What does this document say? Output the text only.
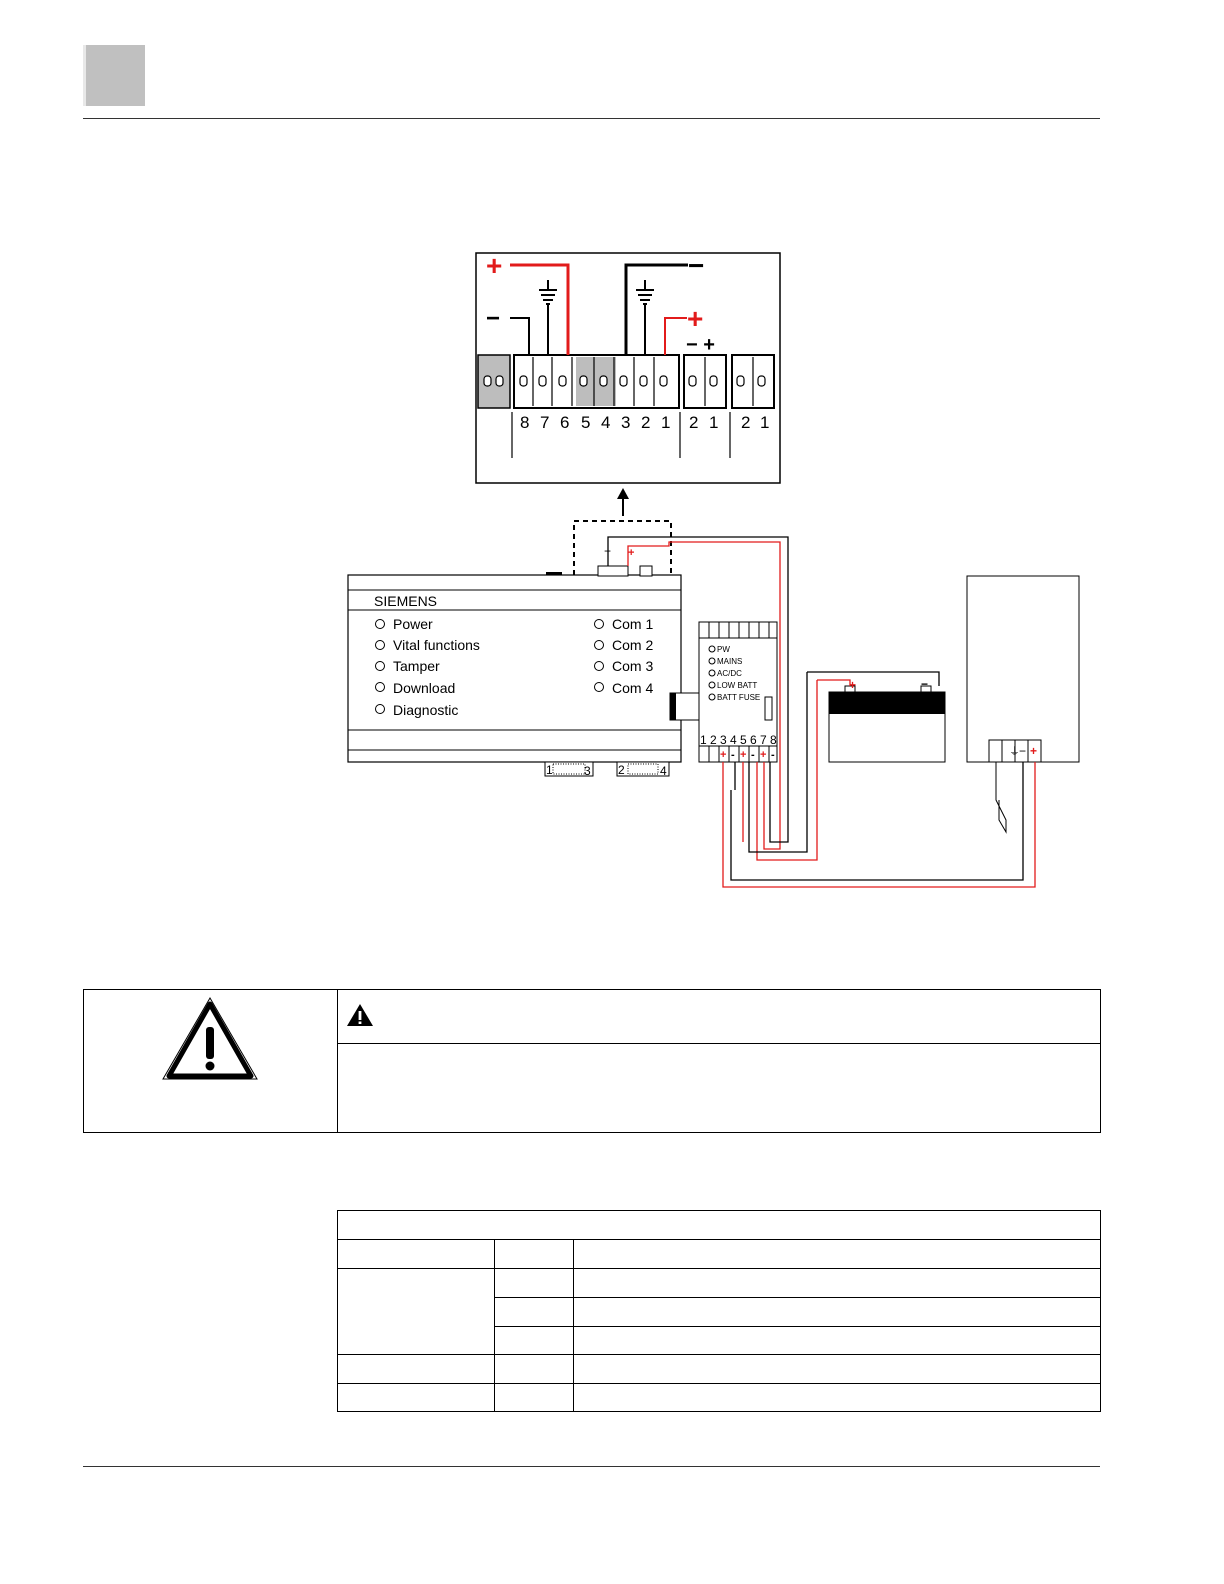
8 7 6 5 4 3 2 1 2 1 2 1
+
−
−
+
− +
SIEMENS
Power
Vital functions
Tamper
Download
Diagnostic
Com 1
Com 2
Com 3
Com 4
1	3 2	4
PW
MAINS
AC/DC
LOW BATT
BATT FUSE
1 2 3 4 5 6 7 8
+ - + - + -
+	−
⏚ − +
− +
